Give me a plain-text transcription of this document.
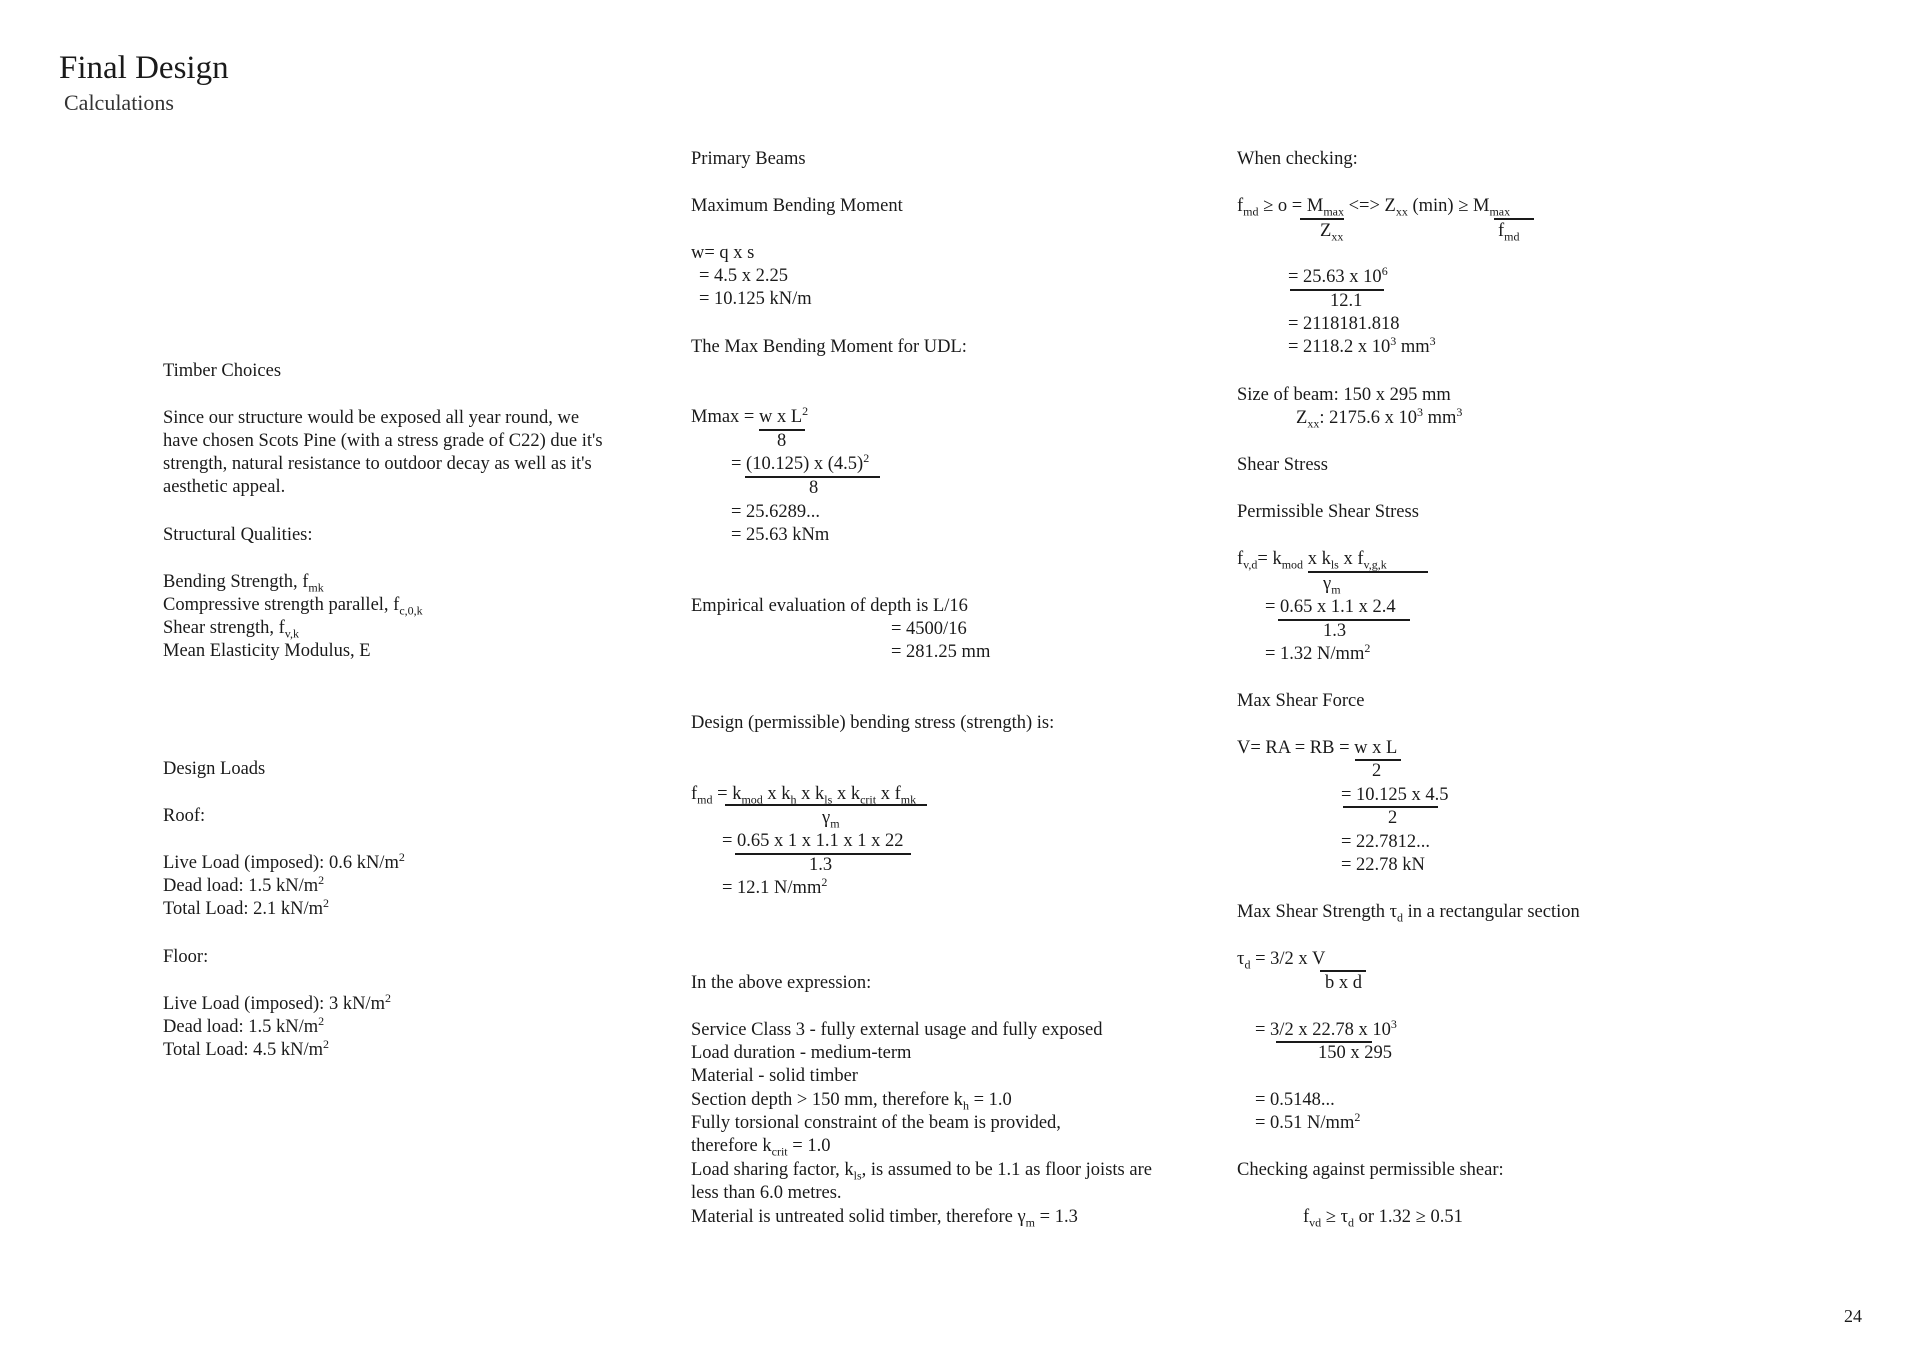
Final Design
Calculations
24
Timber Choices
Since our structure would be exposed all year round, we
have chosen Scots Pine (with a stress grade of C22) due it's
strength, natural resistance to outdoor decay as well as it's
aesthetic appeal.
Structural Qualities:
Bending Strength, $f_{mk}$
Compressive strength parallel, $f_{c,0,k}$
Shear strength, $f_{v,k}$
Mean Elasticity Modulus, E
Design Loads
Roof:
Live Load (imposed): 0.6 $kN/m^2$
Dead load: 1.5 $kN/m^2$
Total Load: 2.1 $kN/m^2$
Floor:
Live Load (imposed): 3 $kN/m^2$
Dead load: 1.5 $kN/m^2$
Total Load: 4.5 $kN/m^2$
Primary Beams
Maximum Bending Moment
w= q x s
= 4.5 x 2.25
= 10.125 kN/m
The Max Bending Moment for UDL:
Mmax = w x $L^2$
8
= (10.125) x $(4.5)^2$
8
= 25.6289...
= 25.63 kNm
Empirical evaluation of depth is L/16
= 4500/16
= 281.25 mm
Design (permissible) bending stress (strength) is:
$f_{md} = k_{mod}$ x $k_h$ x $k_{ls}$ x $k_{crit}$ x $f_{mk}$
$\gamma_m$
= 0.65 x 1 x 1.1 x 1 x 22
1.3
= 12.1 $N/mm^2$
In the above expression:
Service Class 3 - fully external usage and fully exposed
Load duration - medium-term
Material - solid timber
Section depth > 150 mm, therefore $k_h = 1.0$
Fully torsional constraint of the beam is provided,
therefore $k_{crit} = 1.0$
Load sharing factor, $k_{ls}$, is assumed to be 1.1 as floor joists are
less than 6.0 metres.
Material is untreated solid timber, therefore $\gamma_m = 1.3$
When checking:
$f_{md} \ge o = M_{max}$ <=> $Z_{xx}$ $(\min) \ge M_{max}$
$Z_{xx}$	$f_{md}$
= 25.63 x $10^6$
12.1
= 2118181.818
= 2118.2 x $10^3$ $mm^3$
Size of beam: 150 x 295 mm
$Z_{xx}$: 2175.6 x $10^3$ $mm^3$
Shear Stress
Permissible Shear Stress
$f_{v,d}= k_{mod}$ x $k_{ls}$ x $f_{v,g,k}$
$\gamma_m$
= 0.65 x 1.1 x 2.4
1.3
= 1.32 $N/mm^2$
Max Shear Force
V= RA = RB = w x L
2
= 10.125 x 4.5
2
= 22.7812...
= 22.78 kN
Max Shear Strength $\tau_d$ in a rectangular section
$\tau_d = 3/2$ x V
b x d
= 3/2 x 22.78 x $10^3$
150 x 295
= 0.5148...
= 0.51 $N/mm^2$
Checking against permissible shear:
$f_{vd} \ge \tau_d$ or 1.32 ≥ 0.51
